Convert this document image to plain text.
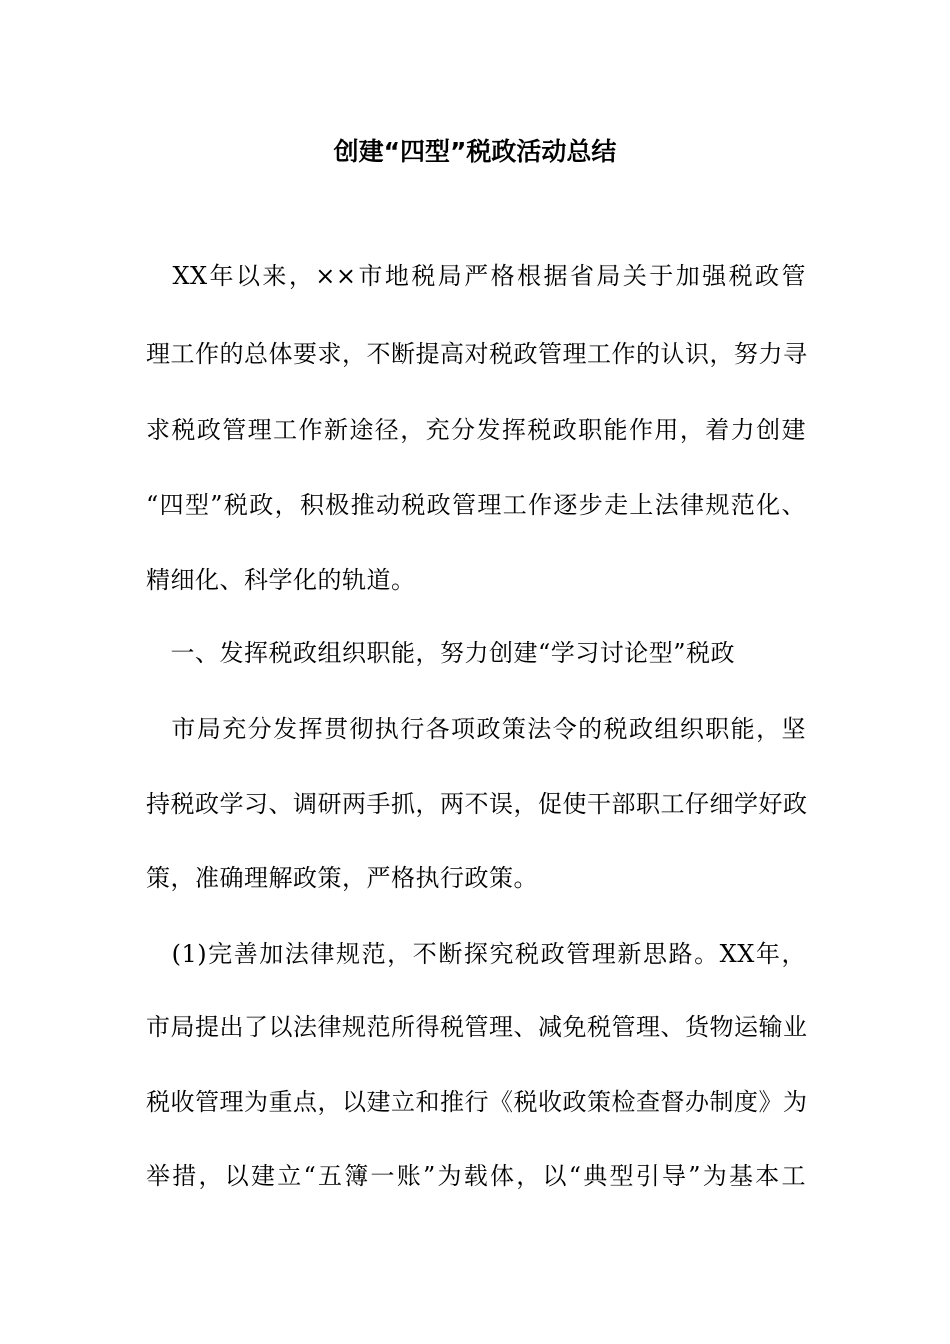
创建“四型”税政活动总结
　XX年以来，××市地税局严格根据省局关于加强税政管
理工作的总体要求，不断提高对税政管理工作的认识，努力寻
求税政管理工作新途径，充分发挥税政职能作用，着力创建
“四型”税政，积极推动税政管理工作逐步走上法律规范化、
精细化、科学化的轨道。
　一、发挥税政组织职能，努力创建“学习讨论型”税政
　市局充分发挥贯彻执行各项政策法令的税政组织职能，坚
持税政学习、调研两手抓，两不误，促使干部职工仔细学好政
策，准确理解政策，严格执行政策。
　(1)完善加法律规范，不断探究税政管理新思路。XX年，
市局提出了以法律规范所得税管理、减免税管理、货物运输业
税收管理为重点，以建立和推行《税收政策检查督办制度》为
举措，以建立“五簿一账”为载体，以“典型引导”为基本工
